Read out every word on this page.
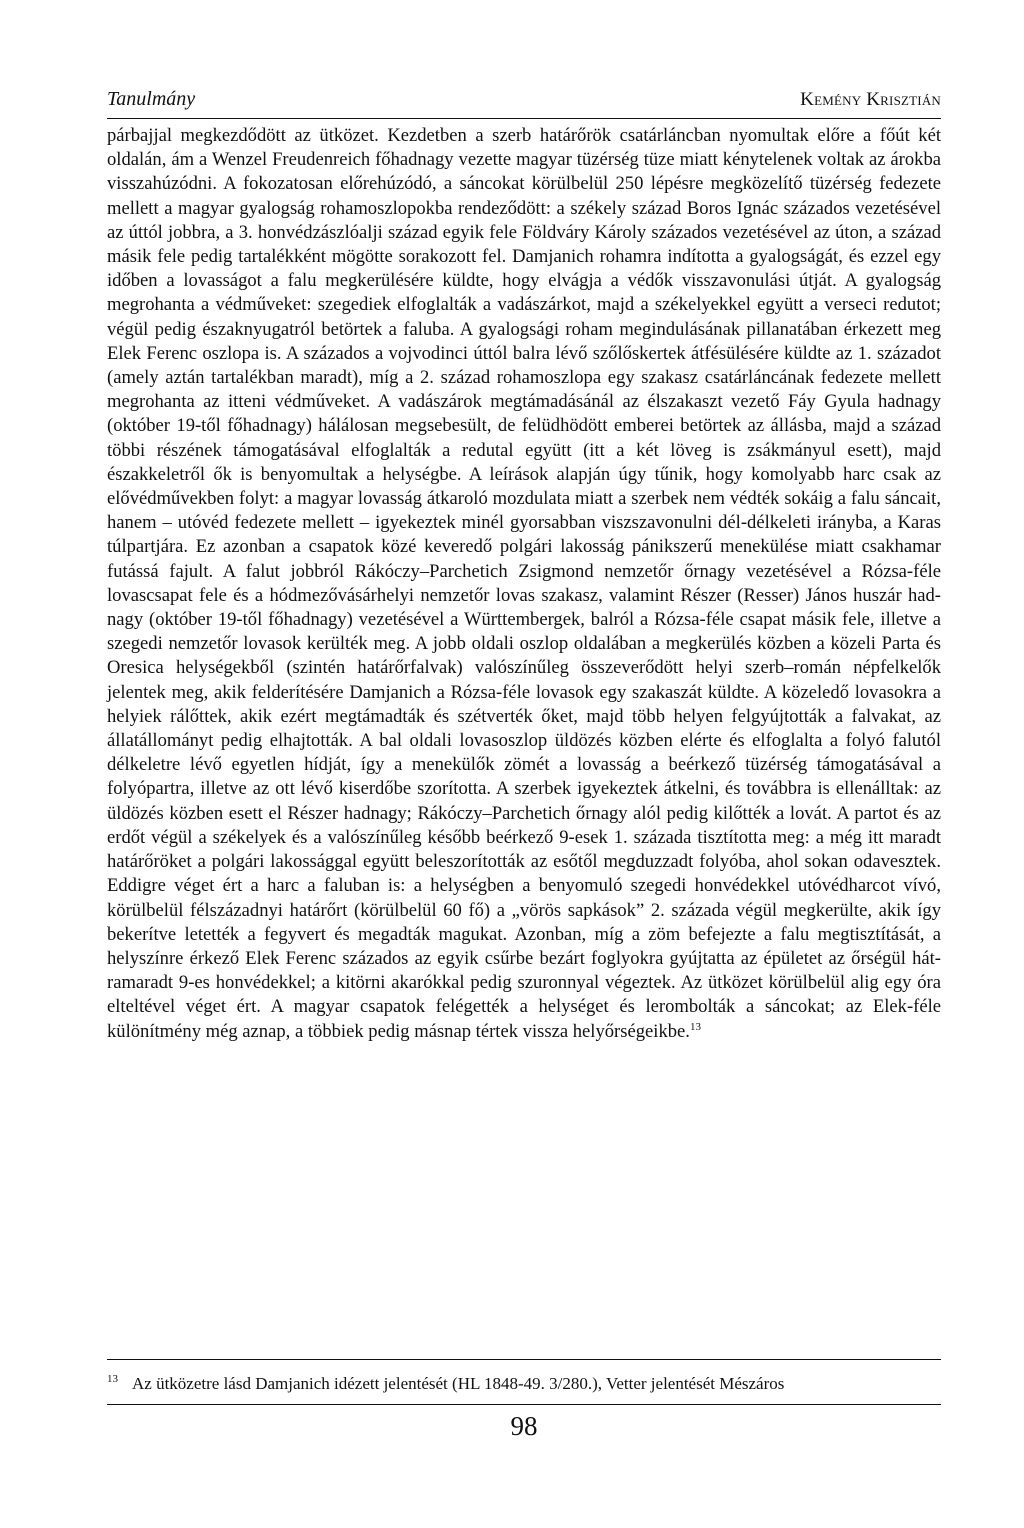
Tanulmány	Kemény Krisztián

párbajjal megkezdődött az ütközet. Kezdetben a szerb határőrök csatárláncban nyomultak előre a főút két oldalán, ám a Wenzel Freudenreich főhadnagy vezette magyar tüzérség tüze miatt kénytelenek voltak az árokba visszahúzódni. A fokozatosan előrehúzódó, a sáncokat körülbelül 250 lépésre megközelítő tüzérség fedezete mellett a magyar gyalogság rohamoszlopokba rendeződött: a székely század Boros Ignác százados vezetésével az úttól jobbra, a 3. honvédzászlóalji század egyik fele Földváry Károly százados vezetésével az úton, a század másik fele pedig tartalékként mögötte sorakozott fel. Damjanich rohamra indította a gyalogságát, és ezzel egy időben a lovasságot a falu megkerülésére küldte, hogy elvágja a védők visszavonulási útját. A gyalogság megrohanta a védműveket: szegediek elfoglalták a vadászárkot, majd a székelyekkel együtt a verseci redutot; végül pedig északnyugatról betörtek a faluba. A gyalogsági roham megindulásának pillanatában érkezett meg Elek Ferenc oszlopa is. A százados a vojvodinci úttól balra lévő szőlőskertek átfésülésére küldte az 1. századot (amely aztán tartalékban maradt), míg a 2. század rohamoszlopa egy szakasz csatárláncának fedezete mellett megrohanta az itteni védműveket. A vadászárok megtámadásánál az élszakaszt vezető Fáy Gyula hadnagy (október 19-től főhadnagy) hálálosan megsebesült, de felüdhödött emberei betörtek az állásba, majd a század többi részének támogatásával elfoglalták a redutal együtt (itt a két löveg is zsákmányul esett), majd északkeletről ők is benyomultak a helységbe. A leírások alapján úgy tűnik, hogy komolyabb harc csak az elővédművekben folyt: a magyar lovasság átkaroló mozdulata miatt a szerbek nem védték sokáig a falu sáncait, hanem – utóvéd fedezete mellett – igyekeztek minél gyorsabban viszszavonulni dél-délkeleti irányba, a Karas túlpartjára. Ez azonban a csapatok közé keveredő polgári lakosság pánikszerű menekülése miatt csakhamar futássá fajult. A falut jobbról Rákóczy–Parchetich Zsigmond nemzetőr őrnagy vezetésével a Rózsa-féle lovascsapat fele és a hódmezővásárhelyi nemzetőr lovas szakasz, valamint Részer (Resser) János huszár hadnagy (október 19-től főhadnagy) vezetésével a Württembergek, balról a Rózsa-féle csapat másik fele, illetve a szegedi nemzetőr lovasok kerülték meg. A jobb oldali oszlop oldalában a megkerülés közben a közeli Parta és Oresica helységekből (szintén határőrfalvak) valószínűleg összeverődött helyi szerb–román népfelkelők jelentek meg, akik felderítésére Damjanich a Rózsa-féle lovasok egy szakaszát küldte. A közeledő lovasokra a helyiek rálőttek, akik ezért megtámadták és szétverték őket, majd több helyen felgyújtották a falvakat, az állatállományt pedig elhajtották. A bal oldali lovasoszlop üldözés közben elérte és elfoglalta a folyó falutól délkeletre lévő egyetlen hídját, így a menekülők zömét a lovasság a beérkező tüzérség támogatásával a folyópartra, illetve az ott lévő kiserdőbe szorította. A szerbek igyekeztek átkelni, és továbbra is ellenálltak: az üldözés közben esett el Részer hadnagy; Rákóczy–Parchetich őrnagy alól pedig kilőtték a lovát. A partot és az erdőt végül a székelyek és a valószínűleg később beérkező 9-esek 1. százada tisztította meg: a még itt maradt határőröket a polgári lakossággal együtt beleszorították az esőtől megduzzadt folyóba, ahol sokan odavesztek. Eddigre véget ért a harc a faluban is: a helységben a benyomuló szegedi honvédekkel utóvédharcot vívó, körülbelül félszázadnyi határőrt (körülbelül 60 fő) a „vörös sapkások” 2. százada végül megkerülte, akik így bekerítve letették a fegyvert és megadták magukat. Azonban, míg a zöm befejezte a falu megtisztítását, a helyszínre érkező Elek Ferenc százados az egyik csűrbe bezárt foglyokra gyújtatta az épületet az őrségül hátramaradt 9-es honvédekkel; a kitörni akarókkal pedig szuronnyal végeztek. Az ütközet körülbelül alig egy óra elteltével véget ért. A magyar csapatok felégették a helységet és lerombolták a sáncokat; az Elek-féle különítmény még aznap, a többiek pedig másnap tértek vissza helyőrségeikbe.$^{13}$

$^{13}$ Az ütközetre lásd Damjanich idézett jelentését (HL 1848-49. 3/280.), Vetter jelentését Mészáros
98
